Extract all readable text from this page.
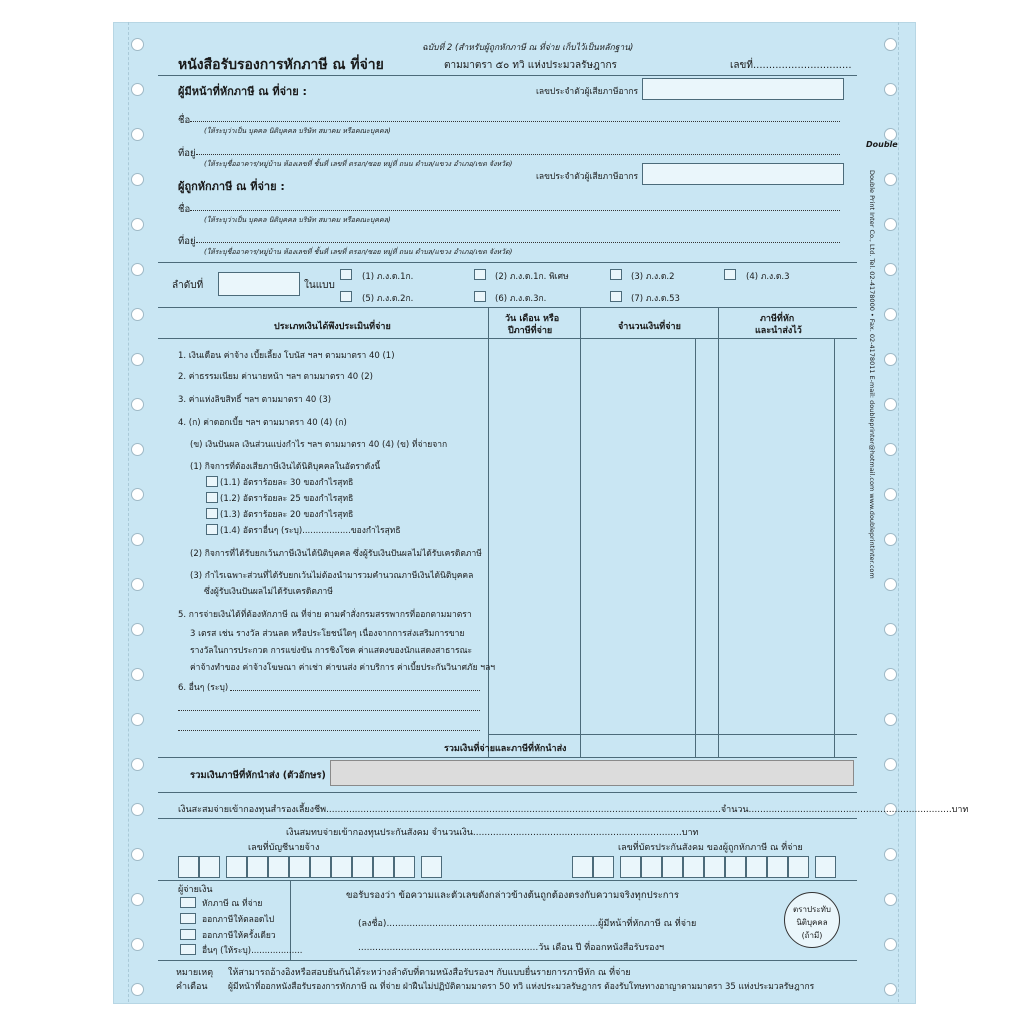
Double
Double Print Inter Co., Ltd. Tel. 02-4178000 • Fax. 02-4178011 E-mail: doubleprinter@hotmail.com www.doubleprintinter.com
ฉบับที่ 2 (สำหรับผู้ถูกหักภาษี ณ ที่จ่าย เก็บไว้เป็นหลักฐาน)
หนังสือรับรองการหักภาษี ณ ที่จ่าย	ตามมาตรา ๕๐ ทวิ แห่งประมวลรัษฎากร	เลขที่...............................
ผู้มีหน้าที่หักภาษี ณ ที่จ่าย :	เลขประจำตัวผู้เสียภาษีอากร
ชื่อ
(ให้ระบุว่าเป็น บุคคล นิติบุคคล บริษัท สมาคม หรือคณะบุคคล)
ที่อยู่
(ให้ระบุชื่ออาคาร/หมู่บ้าน ห้องเลขที่ ชั้นที่ เลขที่ ตรอก/ซอย หมู่ที่ ถนน ตำบล/แขวง อำเภอ/เขต จังหวัด)
ผู้ถูกหักภาษี ณ ที่จ่าย :
เลขประจำตัวผู้เสียภาษีอากร
ชื่อ
(ให้ระบุว่าเป็น บุคคล นิติบุคคล บริษัท สมาคม หรือคณะบุคคล)
ที่อยู่
(ให้ระบุชื่ออาคาร/หมู่บ้าน ห้องเลขที่ ชั้นที่ เลขที่ ตรอก/ซอย หมู่ที่ ถนน ตำบล/แขวง อำเภอ/เขต จังหวัด)
ลำดับที่	ในแบบ
(1) ภ.ง.ด.1ก.	(2) ภ.ง.ด.1ก. พิเศษ	(3) ภ.ง.ด.2	(4) ภ.ง.ด.3
(5) ภ.ง.ด.2ก.	(6) ภ.ง.ด.3ก.	(7) ภ.ง.ด.53
ประเภทเงินได้พึงประเมินที่จ่าย
วัน เดือน หรือ
ปีภาษีที่จ่าย	จำนวนเงินที่จ่าย
ภาษีที่หัก
และนำส่งไว้
1. เงินเดือน ค่าจ้าง เบี้ยเลี้ยง โบนัส ฯลฯ ตามมาตรา 40 (1)
2. ค่าธรรมเนียม ค่านายหน้า ฯลฯ ตามมาตรา 40 (2)
3. ค่าแห่งลิขสิทธิ์ ฯลฯ ตามมาตรา 40 (3)
4. (ก) ค่าดอกเบี้ย ฯลฯ ตามมาตรา 40 (4) (ก)
(ข) เงินปันผล เงินส่วนแบ่งกำไร ฯลฯ ตามมาตรา 40 (4) (ข) ที่จ่ายจาก
(1) กิจการที่ต้องเสียภาษีเงินได้นิติบุคคลในอัตราดังนี้
(1.1) อัตราร้อยละ 30 ของกำไรสุทธิ
(1.2) อัตราร้อยละ 25 ของกำไรสุทธิ
(1.3) อัตราร้อยละ 20 ของกำไรสุทธิ
(1.4) อัตราอื่นๆ (ระบุ)..................ของกำไรสุทธิ
(2) กิจการที่ได้รับยกเว้นภาษีเงินได้นิติบุคคล ซึ่งผู้รับเงินปันผลไม่ได้รับเครดิตภาษี
(3) กำไรเฉพาะส่วนที่ได้รับยกเว้นไม่ต้องนำมารวมคำนวณภาษีเงินได้นิติบุคคล
ซึ่งผู้รับเงินปันผลไม่ได้รับเครดิตภาษี
5. การจ่ายเงินได้ที่ต้องหักภาษี ณ ที่จ่าย ตามคำสั่งกรมสรรพากรที่ออกตามมาตรา
3 เตรส เช่น รางวัล ส่วนลด หรือประโยชน์ใดๆ เนื่องจากการส่งเสริมการขาย
รางวัลในการประกวด การแข่งขัน การชิงโชค ค่าแสดงของนักแสดงสาธารณะ
ค่าจ้างทำของ ค่าจ้างโฆษณา ค่าเช่า ค่าขนส่ง ค่าบริการ ค่าเบี้ยประกันวินาศภัย ฯลฯ
6. อื่นๆ (ระบุ)
รวมเงินที่จ่ายและภาษีที่หักนำส่ง
รวมเงินภาษีที่หักนำส่ง (ตัวอักษร)
เงินสะสมจ่ายเข้ากองทุนสำรองเลี้ยงชีพ..........................................................................................................................................จำนวน.......................................................................บาท
เงินสมทบจ่ายเข้ากองทุนประกันสังคม จำนวนเงิน.........................................................................บาท
เลขที่บัญชีนายจ้าง	เลขที่บัตรประกันสังคม ของผู้ถูกหักภาษี ณ ที่จ่าย
ผู้จ่ายเงิน
หักภาษี ณ ที่จ่าย
ออกภาษีให้ตลอดไป
ออกภาษีให้ครั้งเดียว
อื่นๆ (ให้ระบุ)...................
ขอรับรองว่า ข้อความและตัวเลขดังกล่าวข้างต้นถูกต้องตรงกับความจริงทุกประการ
(ลงชื่อ)..........................................................................ผู้มีหน้าที่หักภาษี ณ ที่จ่าย
...............................................................วัน เดือน ปี ที่ออกหนังสือรับรองฯ
ตราประทับ
นิติบุคคล
(ถ้ามี)
หมายเหตุ ให้สามารถอ้างอิงหรือสอบยันกันได้ระหว่างลำดับที่ตามหนังสือรับรองฯ กับแบบยื่นรายการภาษีหัก ณ ที่จ่าย
คำเตือน ผู้มีหน้าที่ออกหนังสือรับรองการหักภาษี ณ ที่จ่าย ฝ่าฝืนไม่ปฏิบัติตามมาตรา 50 ทวิ แห่งประมวลรัษฎากร ต้องรับโทษทางอาญาตามมาตรา 35 แห่งประมวลรัษฎากร
